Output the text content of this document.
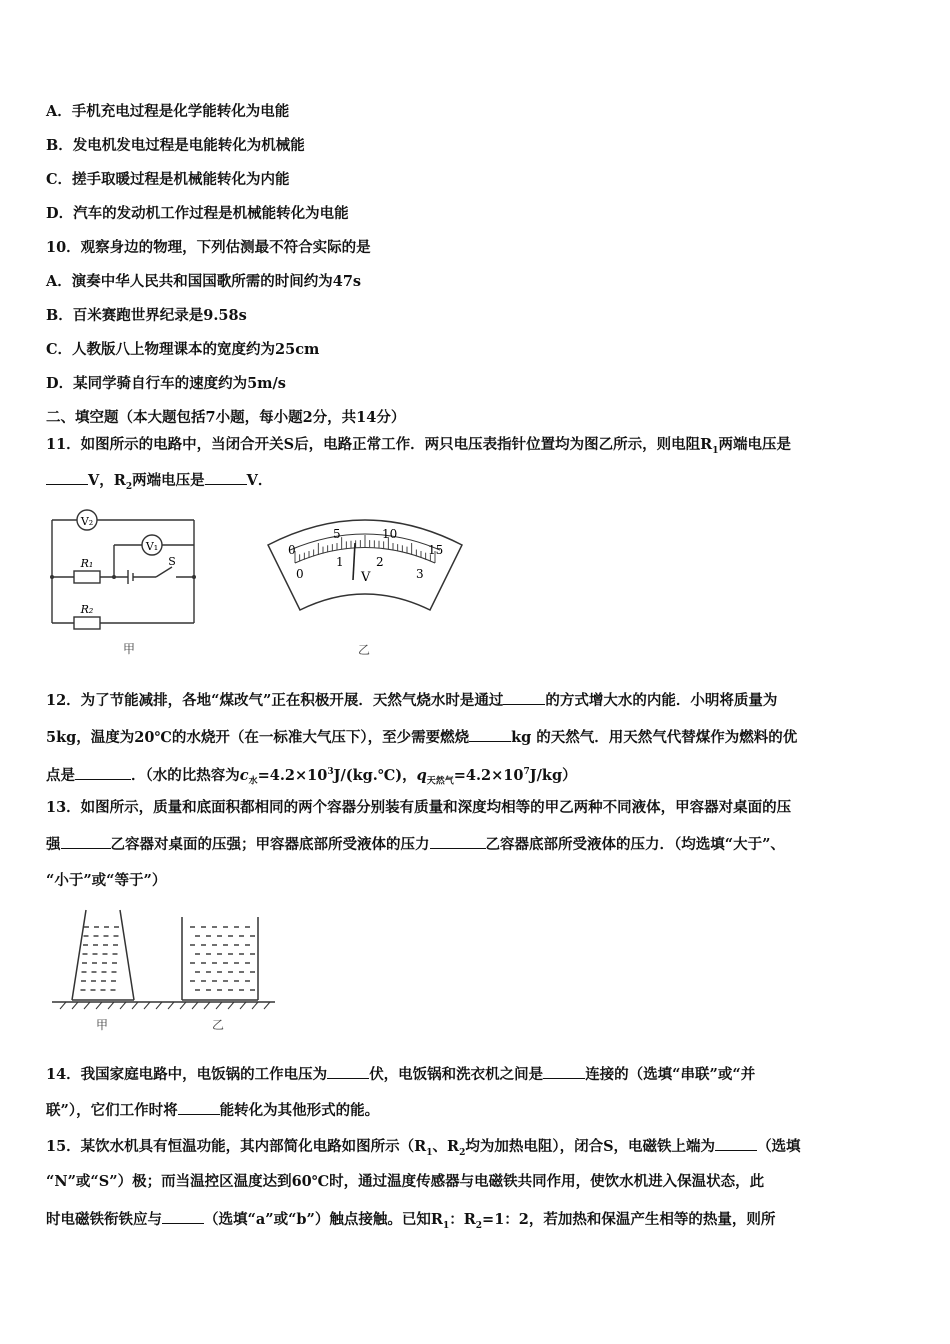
A．手机充电过程是化学能转化为电能
B．发电机发电过程是电能转化为机械能
C．搓手取暖过程是机械能转化为内能
D．汽车的发动机工作过程是机械能转化为电能
10．观察身边的物理，下列估测最不符合实际的是
A．演奏中华人民共和国国歌所需的时间约为47s
B．百米赛跑世界纪录是9.58s
C．人教版八上物理课本的宽度约为25cm
D．某同学骑自行车的速度约为5m/s
二、填空题（本大题包括7小题，每小题2分，共14分）
11．如图所示的电路中，当闭合开关S后，电路正常工作．两只电压表指针位置均为图乙所示，则电阻$R_1$两端电压是
V，$R_2$两端电压是	V．
V₂
V₁
R₁
R₂
S
甲
0
5	10
15
0
1	2
3
V
乙
12．为了节能减排，各地“煤改气”正在积极开展．天然气烧水时是通过	的方式增大水的内能．小明将质量为
5kg，温度为20℃的水烧开（在一标准大气压下），至少需要燃烧	kg 的天然气．用天然气代替煤作为燃料的优
点是	．（水的比热容为$c_水=4.2\times 10^3J/(kg.℃)$，$q_{天然气}=4.2\times 10^7J/kg$）
13．如图所示，质量和底面积都相同的两个容器分别装有质量和深度均相等的甲乙两种不同液体，甲容器对桌面的压
强	乙容器对桌面的压强；甲容器底部所受液体的压力	乙容器底部所受液体的压力．（均选填“大于”、
“小于”或“等于”）
甲	乙
14．我国家庭电路中，电饭锅的工作电压为	伏，电饭锅和洗衣机之间是	连接的（选填“串联”或“并
联”），它们工作时将	能转化为其他形式的能。
15．某饮水机具有恒温功能，其内部简化电路如图所示（$R_1$、$R_2$均为加热电阻），闭合S，电磁铁上端为	（选填
“N”或“S”）极；而当温控区温度达到60℃时，通过温度传感器与电磁铁共同作用，使饮水机进入保温状态，此
时电磁铁衔铁应与	（选填“a”或“b”）触点接触。已知$R_1$：$R_2=1$：2，若加热和保温产生相等的热量，则所
